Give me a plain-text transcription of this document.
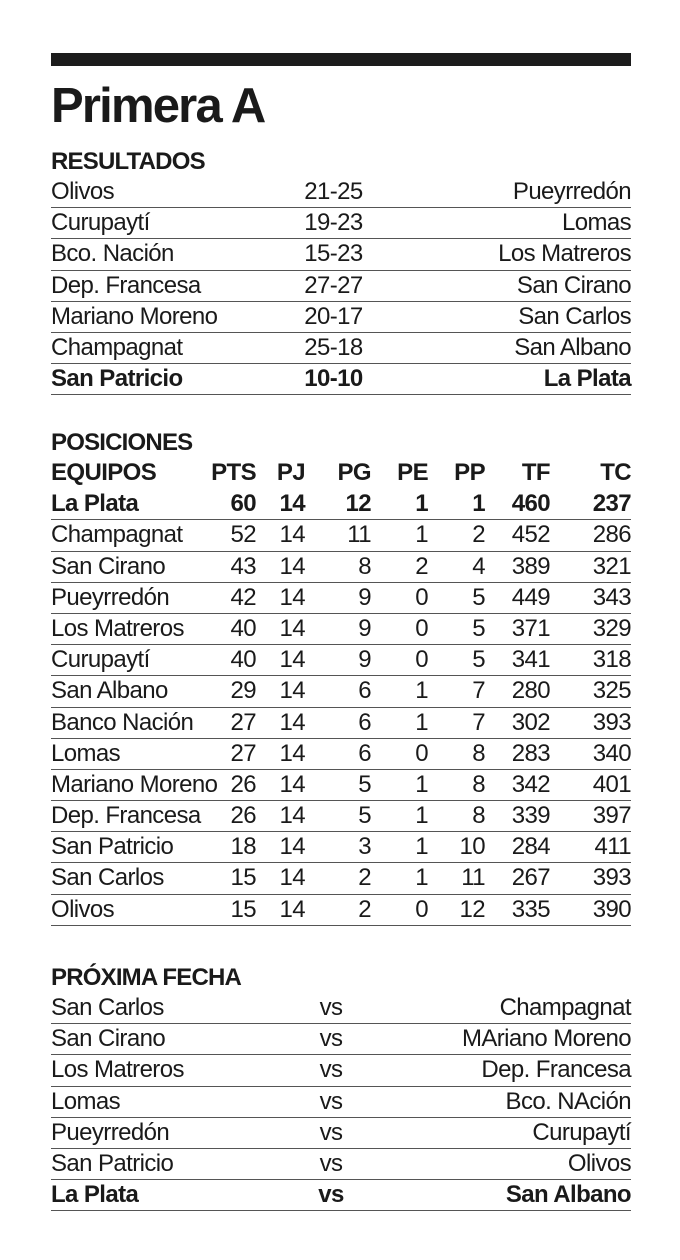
Primera A
RESULTADOS
Olivos	21-25	Pueyrredón
Curupaytí	19-23	Lomas
Bco. Nación	15-23	Los Matreros
Dep. Francesa	27-27	San Cirano
Mariano Moreno	20-17	San Carlos
Champagnat	25-18	San Albano
San Patricio	10-10	La Plata
POSICIONES
EQUIPOS PTS PJ PG PE PP TF TC
La Plata	60 14 12 1 1 460 237
Champagnat 52 14 11 1 2 452 286
San Cirano	43 14 8 2 4 389 321
Pueyrredón	42 14 9 0 5 449 343
Los Matreros 40 14 9 0 5 371 329
Curupaytí	40 14 9 0 5 341 318
San Albano	29 14 6 1 7 280 325
Banco Nación 27 14 6 1 7 302 393
Lomas	27 14 6 0 8 283 340
Mariano Moreno 26 14 5 1 8 342 401
Dep. Francesa 26 14 5 1 8 339 397
San Patricio 18 14 3 1 10 284 411
San Carlos	15 14 2 1 11 267 393
Olivos	15 14 2 0 12 335 390
PRÓXIMA FECHA
San Carlos	vs	Champagnat
San Cirano	vs	MAriano Moreno
Los Matreros	vs	Dep. Francesa
Lomas	vs	Bco. NAción
Pueyrredón	vs	Curupaytí
San Patricio	vs	Olivos
La Plata	vs	San Albano
